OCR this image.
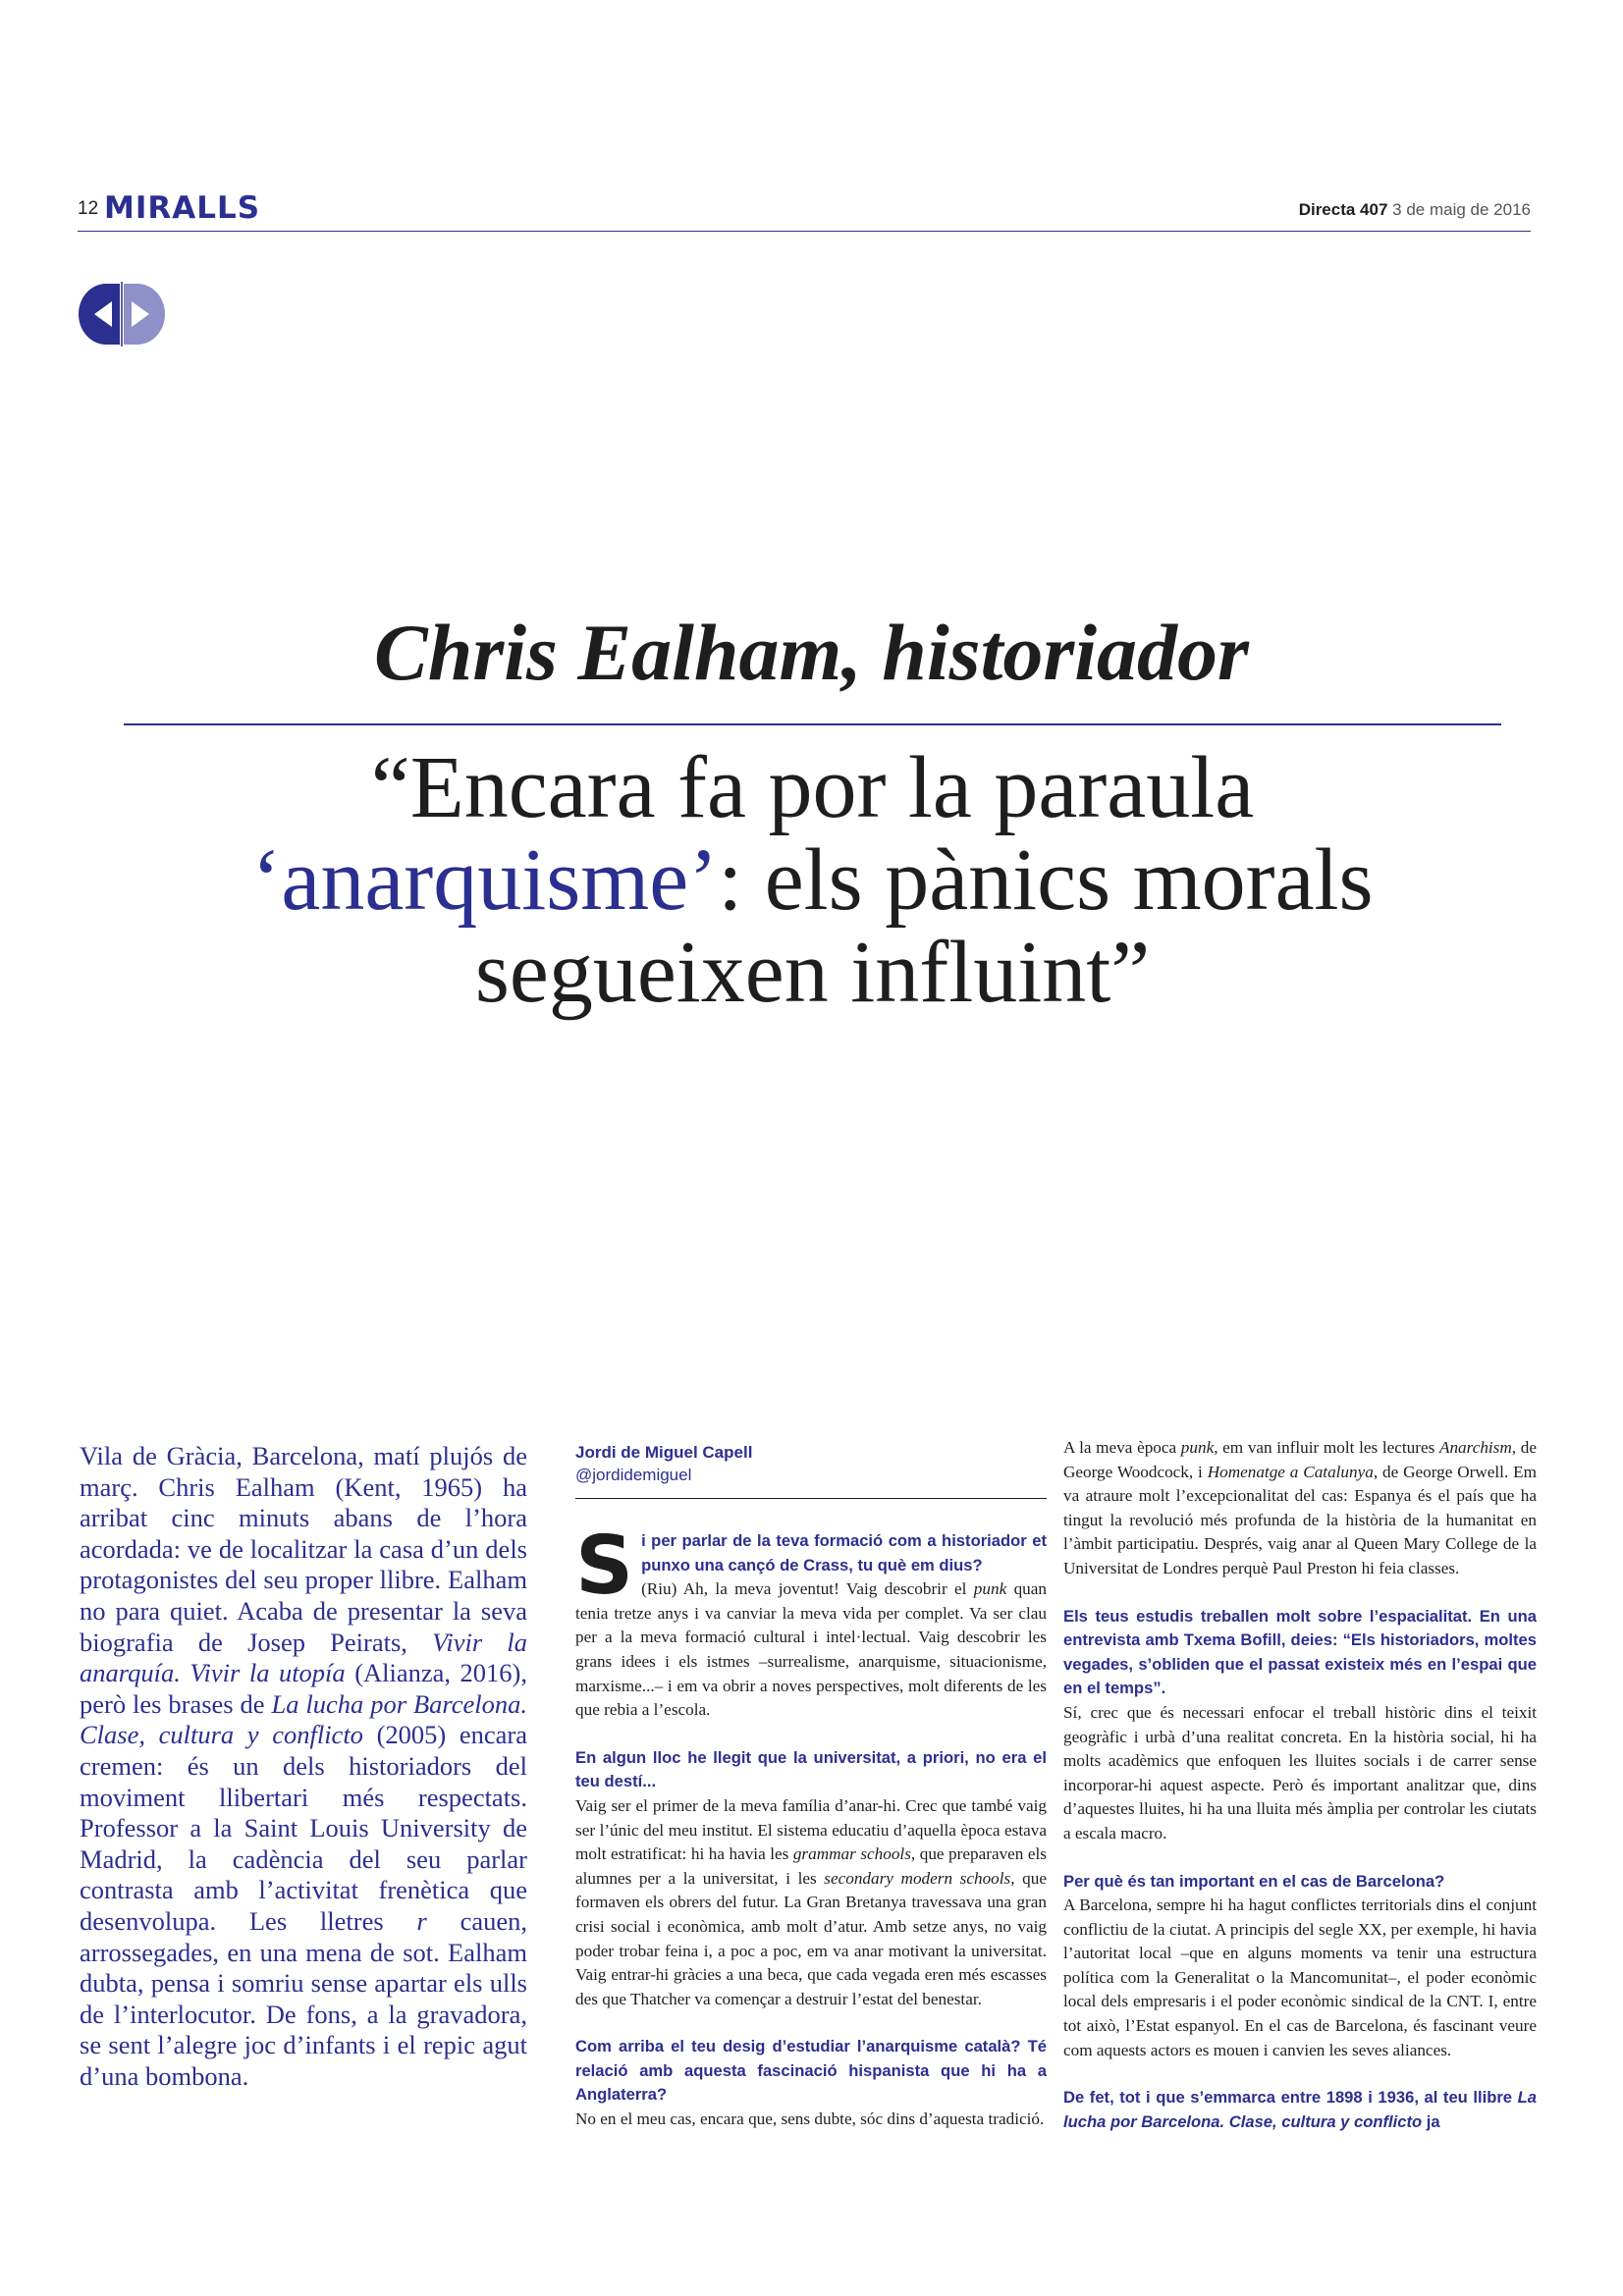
12 MIRALLS	Directa 407 3 de maig de 2016
Chris Ealham, historiador
“Encara fa por la paraula
‘anarquisme’: els pànics morals
segueixen influint”
Vila de Gràcia, Barcelona, matí plujós de març. Chris Ealham (Kent, 1965) ha arribat cinc minuts abans de l’hora acordada: ve de localitzar la casa d’un dels protagonistes del seu proper llibre. Ealham no para quiet. Acaba de presentar la seva biografia de Josep Peirats, Vivir la anarquía. Vivir la utopía (Alianza, 2016), però les brases de La lucha por Barcelona. Clase, cultura y conflicto (2005) encara cremen: és un dels historiadors del moviment llibertari més respectats. Professor a la Saint Louis University de Madrid, la cadència del seu parlar contrasta amb l’activitat frenètica que desenvolupa. Les lletres r cauen, arrossegades, en una mena de sot. Ealham dubta, pensa i somriu sense apartar els ulls de l’interlocutor. De fons, a la gravadora, se sent l’alegre joc d’infants i el repic agut d’una bombona.
Jordi de Miguel Capell
@jordidemiguel

Si per parlar de la teva formació com a historiador et punxo una cançó de Crass, tu què em dius?

(Riu) Ah, la meva joventut! Vaig descobrir el punk quan tenia tretze anys i va canviar la meva vida per complet. Va ser clau per a la meva formació cultural i intel·lectual. Vaig descobrir les grans idees i els istmes –surrealisme, anarquisme, situacionisme, marxisme...– i em va obrir a noves perspectives, molt diferents de les que rebia a l’escola.

En algun lloc he llegit que la universitat, a priori, no era el teu destí...

Vaig ser el primer de la meva família d’anar-hi. Crec que també vaig ser l’únic del meu institut. El sistema educatiu d’aquella època estava molt estratificat: hi ha havia les grammar schools, que preparaven els alumnes per a la universitat, i les secondary modern schools, que formaven els obrers del futur. La Gran Bretanya travessava una gran crisi social i econòmica, amb molt d’atur. Amb setze anys, no vaig poder trobar feina i, a poc a poc, em va anar motivant la universitat. Vaig entrar-hi gràcies a una beca, que cada vegada eren més escasses des que Thatcher va començar a destruir l’estat del benestar.

Com arriba el teu desig d’estudiar l’anarquisme català? Té relació amb aquesta fascinació hispanista que hi ha a Anglaterra?

No en el meu cas, encara que, sens dubte, sóc dins d’aquesta tradició.

A la meva època punk, em van influir molt les lectures Anarchism, de George Woodcock, i Homenatge a Catalunya, de George Orwell. Em va atraure molt l’excepcionalitat del cas: Espanya és el país que ha tingut la revolució més profunda de la història de la humanitat en l’àmbit participatiu. Després, vaig anar al Queen Mary College de la Universitat de Londres perquè Paul Preston hi feia classes.

Els teus estudis treballen molt sobre l’espacialitat. En una entrevista amb Txema Bofill, deies: “Els historiadors, moltes vegades, s’obliden que el passat existeix més en l’espai que en el temps”.

Sí, crec que és necessari enfocar el treball històric dins el teixit geogràfic i urbà d’una realitat concreta. En la història social, hi ha molts acadèmics que enfoquen les lluites socials i de carrer sense incorporar-hi aquest aspecte. Però és important analitzar que, dins d’aquestes lluites, hi ha una lluita més àmplia per controlar les ciutats a escala macro.

Per què és tan important en el cas de Barcelona?

A Barcelona, sempre hi ha hagut conflictes territorials dins el conjunt conflictiu de la ciutat. A principis del segle XX, per exemple, hi havia l’autoritat local –que en alguns moments va tenir una estructura política com la Generalitat o la Mancomunitat–, el poder econòmic local dels empresaris i el poder econòmic sindical de la CNT. I, entre tot això, l’Estat espanyol. En el cas de Barcelona, és fascinant veure com aquests actors es mouen i canvien les seves aliances.

De fet, tot i que s’emmarca entre 1898 i 1936, al teu llibre La lucha por Barcelona. Clase, cultura y conflicto ja
